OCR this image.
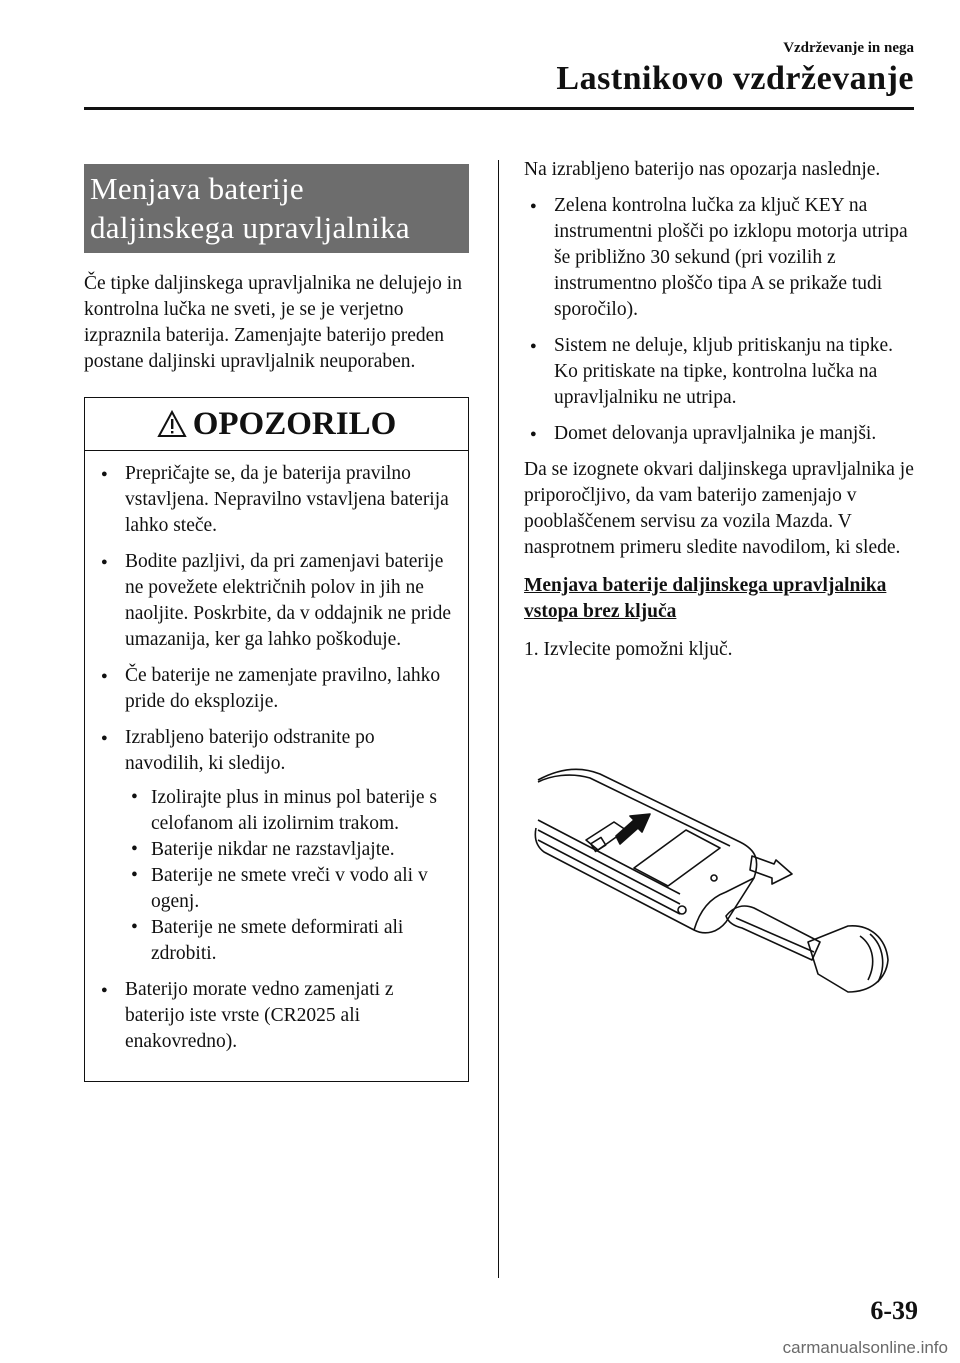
Vzdrževanje in nega
Lastnikovo vzdrževanje
Menjava baterije
daljinskega upravljalnika

Če tipke daljinskega upravljalnika ne delujejo in kontrolna lučka ne sveti, je se je verjetno izpraznila baterija. Zamenjajte baterijo preden postane daljinski upravljalnik neuporaben.

OPOZORILO
● Prepričajte se, da je baterija pravilno vstavljena. Nepravilno vstavljena baterija lahko steče.
● Bodite pazljivi, da pri zamenjavi baterije ne povežete električnih polov in jih ne naoljite. Poskrbite, da v oddajnik ne pride umazanija, ker ga lahko poškoduje.
● Če baterije ne zamenjate pravilno, lahko pride do eksplozije.
● Izrabljeno baterijo odstranite po navodilih, ki sledijo.
• Izolirajte plus in minus pol baterije s celofanom ali izolirnim trakom.
• Baterije nikdar ne razstavljajte.
• Baterije ne smete vreči v vodo ali v ogenj.
• Baterije ne smete deformirati ali zdrobiti.
● Baterijo morate vedno zamenjati z baterijo iste vrste (CR2025 ali enakovredno).

Na izrabljeno baterijo nas opozarja naslednje.

● Zelena kontrolna lučka za ključ KEY na instrumentni plošči po izklopu motorja utripa še približno 30 sekund (pri vozilih z instrumentno ploščo tipa A se prikaže tudi sporočilo).
● Sistem ne deluje, kljub pritiskanju na tipke. Ko pritiskate na tipke, kontrolna lučka na upravljalniku ne utripa.
● Domet delovanja upravljalnika je manjši.

Da se izognete okvari daljinskega upravljalnika je priporočljivo, da vam baterijo zamenjajo v pooblaščenem servisu za vozila Mazda. V nasprotnem primeru sledite navodilom, ki slede.

Menjava baterije daljinskega upravljalnika vstopa brez ključa

1. Izvlecite pomožni ključ.

6-39
carmanualsonline.info
